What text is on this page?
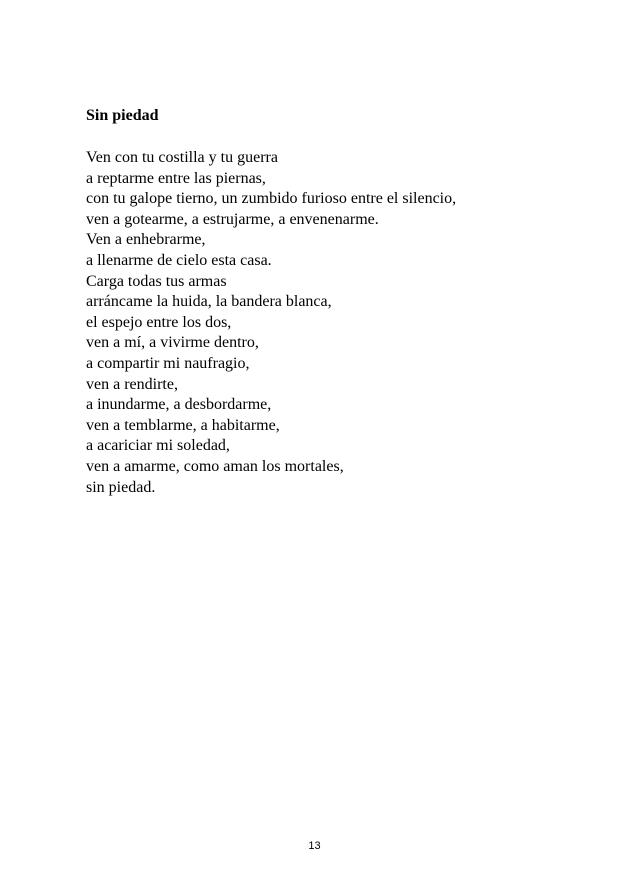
Sin piedad
Ven con tu costilla y tu guerra
a reptarme entre las piernas,
con tu galope tierno, un zumbido furioso entre el silencio,
ven a gotearme, a estrujarme, a envenenarme.
Ven a enhebrarme,
a llenarme de cielo esta casa.
Carga todas tus armas
arráncame la huida, la bandera blanca,
el espejo entre los dos,
ven a mí, a vivirme dentro,
a compartir mi naufragio,
ven a rendirte,
a inundarme, a desbordarme,
ven a temblarme, a habitarme,
a acariciar mi soledad,
ven a amarme, como aman los mortales,
sin piedad.
13
